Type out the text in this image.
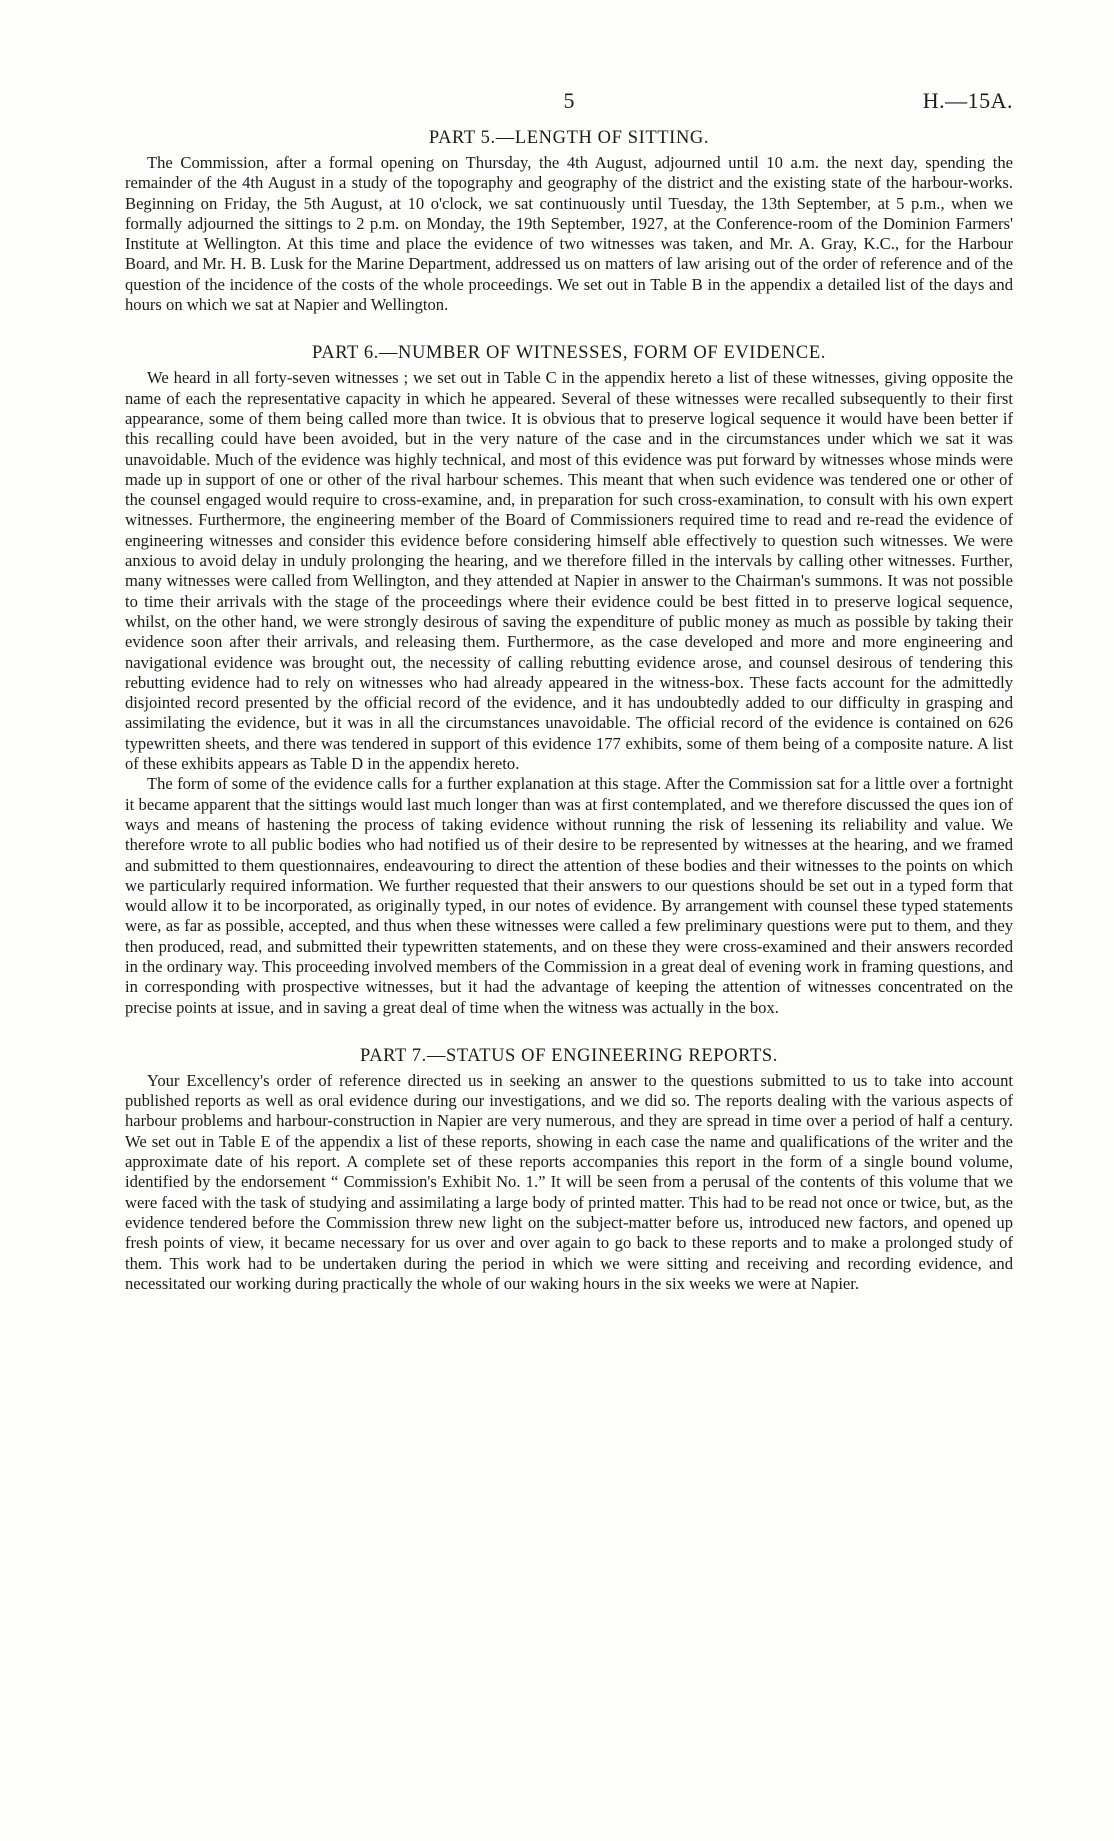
5	H.—15A.
PART 5.—LENGTH OF SITTING.

The Commission, after a formal opening on Thursday, the 4th August, adjourned until 10 a.m. the next day, spending the remainder of the 4th August in a study of the topography and geography of the district and the existing state of the harbour-works. Beginning on Friday, the 5th August, at 10 o'clock, we sat continuously until Tuesday, the 13th September, at 5 p.m., when we formally adjourned the sittings to 2 p.m. on Monday, the 19th September, 1927, at the Conference-room of the Dominion Farmers' Institute at Wellington. At this time and place the evidence of two witnesses was taken, and Mr. A. Gray, K.C., for the Harbour Board, and Mr. H. B. Lusk for the Marine Department, addressed us on matters of law arising out of the order of reference and of the question of the incidence of the costs of the whole proceedings. We set out in Table B in the appendix a detailed list of the days and hours on which we sat at Napier and Wellington.

PART 6.—NUMBER OF WITNESSES, FORM OF EVIDENCE.

We heard in all forty-seven witnesses ; we set out in Table C in the appendix hereto a list of these witnesses, giving opposite the name of each the representative capacity in which he appeared. Several of these witnesses were recalled subsequently to their first appearance, some of them being called more than twice. It is obvious that to preserve logical sequence it would have been better if this recalling could have been avoided, but in the very nature of the case and in the circumstances under which we sat it was unavoidable. Much of the evidence was highly technical, and most of this evidence was put forward by witnesses whose minds were made up in support of one or other of the rival harbour schemes. This meant that when such evidence was tendered one or other of the counsel engaged would require to cross-examine, and, in preparation for such cross-examination, to consult with his own expert witnesses. Furthermore, the engineering member of the Board of Commissioners required time to read and re-read the evidence of engineering witnesses and consider this evidence before considering himself able effectively to question such witnesses. We were anxious to avoid delay in unduly prolonging the hearing, and we therefore filled in the intervals by calling other witnesses. Further, many witnesses were called from Wellington, and they attended at Napier in answer to the Chairman's summons. It was not possible to time their arrivals with the stage of the proceedings where their evidence could be best fitted in to preserve logical sequence, whilst, on the other hand, we were strongly desirous of saving the expenditure of public money as much as possible by taking their evidence soon after their arrivals, and releasing them. Furthermore, as the case developed and more and more engineering and navigational evidence was brought out, the necessity of calling rebutting evidence arose, and counsel desirous of tendering this rebutting evidence had to rely on witnesses who had already appeared in the witness-box. These facts account for the admittedly disjointed record presented by the official record of the evidence, and it has undoubtedly added to our difficulty in grasping and assimilating the evidence, but it was in all the circumstances unavoidable. The official record of the evidence is contained on 626 typewritten sheets, and there was tendered in support of this evidence 177 exhibits, some of them being of a composite nature. A list of these exhibits appears as Table D in the appendix hereto.

The form of some of the evidence calls for a further explanation at this stage. After the Commission sat for a little over a fortnight it became apparent that the sittings would last much longer than was at first contemplated, and we therefore discussed the ques ion of ways and means of hastening the process of taking evidence without running the risk of lessening its reliability and value. We therefore wrote to all public bodies who had notified us of their desire to be represented by witnesses at the hearing, and we framed and submitted to them questionnaires, endeavouring to direct the attention of these bodies and their witnesses to the points on which we particularly required information. We further requested that their answers to our questions should be set out in a typed form that would allow it to be incorporated, as originally typed, in our notes of evidence. By arrangement with counsel these typed statements were, as far as possible, accepted, and thus when these witnesses were called a few preliminary questions were put to them, and they then produced, read, and submitted their typewritten statements, and on these they were cross-examined and their answers recorded in the ordinary way. This proceeding involved members of the Commission in a great deal of evening work in framing questions, and in corresponding with prospective witnesses, but it had the advantage of keeping the attention of witnesses concentrated on the precise points at issue, and in saving a great deal of time when the witness was actually in the box.

PART 7.—STATUS OF ENGINEERING REPORTS.

Your Excellency's order of reference directed us in seeking an answer to the questions submitted to us to take into account published reports as well as oral evidence during our investigations, and we did so. The reports dealing with the various aspects of harbour problems and harbour-construction in Napier are very numerous, and they are spread in time over a period of half a century. We set out in Table E of the appendix a list of these reports, showing in each case the name and qualifications of the writer and the approximate date of his report. A complete set of these reports accompanies this report in the form of a single bound volume, identified by the endorsement “ Commission's Exhibit No. 1.” It will be seen from a perusal of the contents of this volume that we were faced with the task of studying and assimilating a large body of printed matter. This had to be read not once or twice, but, as the evidence tendered before the Commission threw new light on the subject-matter before us, introduced new factors, and opened up fresh points of view, it became necessary for us over and over again to go back to these reports and to make a prolonged study of them. This work had to be undertaken during the period in which we were sitting and receiving and recording evidence, and necessitated our working during practically the whole of our waking hours in the six weeks we were at Napier.
